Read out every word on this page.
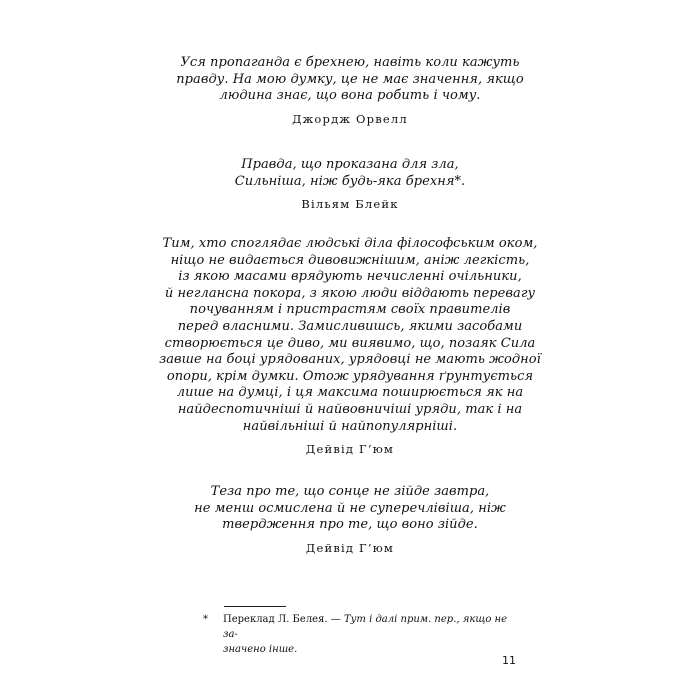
Уся пропаганда є брехнею, навіть коли кажуть
правду. На мою думку, це не має значення, якщо
людина знає, що вона робить і чому.
Джордж Орвелл
Правда, що проказана для зла,
Сильніша, ніж будь-яка брехня*.
Вільям Блейк
Тим, хто споглядає людські діла філософським оком,
ніщо не видається дивовижнішим, аніж легкість,
із якою масами врядують нечисленні очільники,
й неглансна покора, з якою люди віддають перевагу
почуванням і пристрастям своїх правителів
перед власними. Замисливишсь, якими засобами
створюється це диво, ми виявимо, що, позаяк Сила
завше на боці урядованих, урядовці не мають жодної
опори, крім думки. Отож урядування ґрунтується
лише на думці, і ця максима поширюється як на
найдеспотичніші й найвовничіші уряди, так і на
найвільніші й найпопулярніші.
Дейвід Г’юм
Теза про те, що сонце не зійде завтра,
не менш осмислена й не суперечлівіша, ніж
твердження про те, що воно зійде.
Дейвід Г’юм
* Переклад Л. Белея. — Тут і далі прим. пер., якщо не за-
значено інше.
11
